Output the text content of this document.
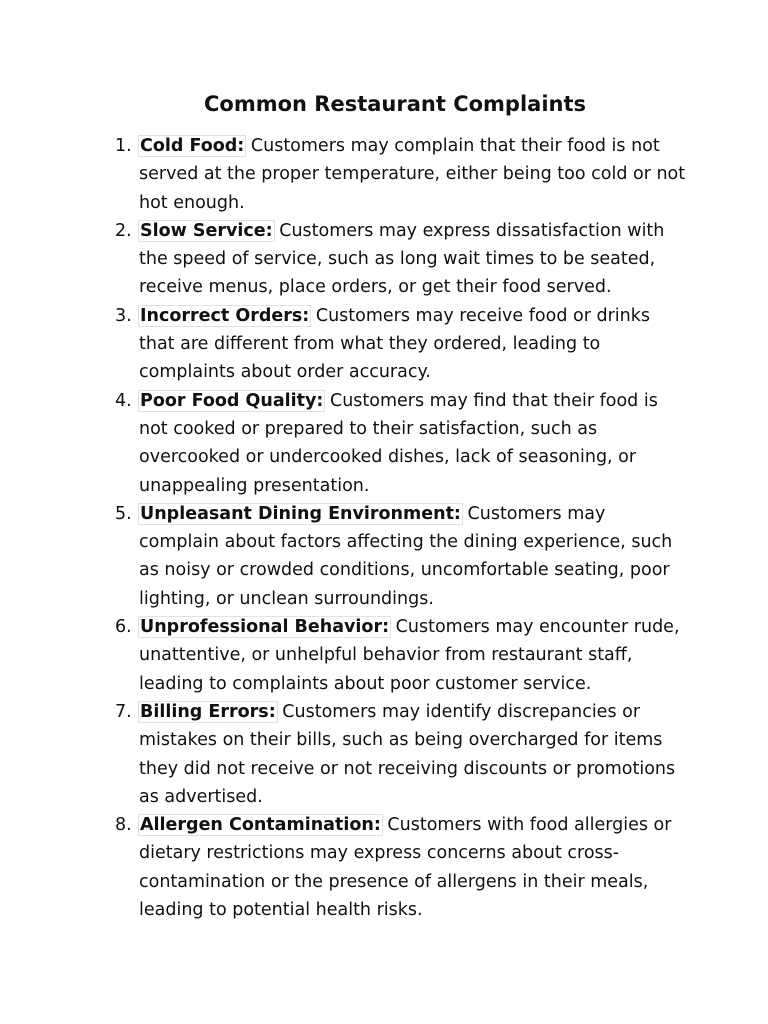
Common Restaurant Complaints
1. Cold Food: Customers may complain that their food is not served at the proper temperature, either being too cold or not hot enough.
2. Slow Service: Customers may express dissatisfaction with the speed of service, such as long wait times to be seated, receive menus, place orders, or get their food served.
3. Incorrect Orders: Customers may receive food or drinks that are different from what they ordered, leading to complaints about order accuracy.
4. Poor Food Quality: Customers may find that their food is not cooked or prepared to their satisfaction, such as overcooked or undercooked dishes, lack of seasoning, or unappealing presentation.
5. Unpleasant Dining Environment: Customers may complain about factors affecting the dining experience, such as noisy or crowded conditions, uncomfortable seating, poor lighting, or unclean surroundings.
6. Unprofessional Behavior: Customers may encounter rude, unattentive, or unhelpful behavior from restaurant staff, leading to complaints about poor customer service.
7. Billing Errors: Customers may identify discrepancies or mistakes on their bills, such as being overcharged for items they did not receive or not receiving discounts or promotions as advertised.
8. Allergen Contamination: Customers with food allergies or dietary restrictions may express concerns about cross-contamination or the presence of allergens in their meals, leading to potential health risks.
